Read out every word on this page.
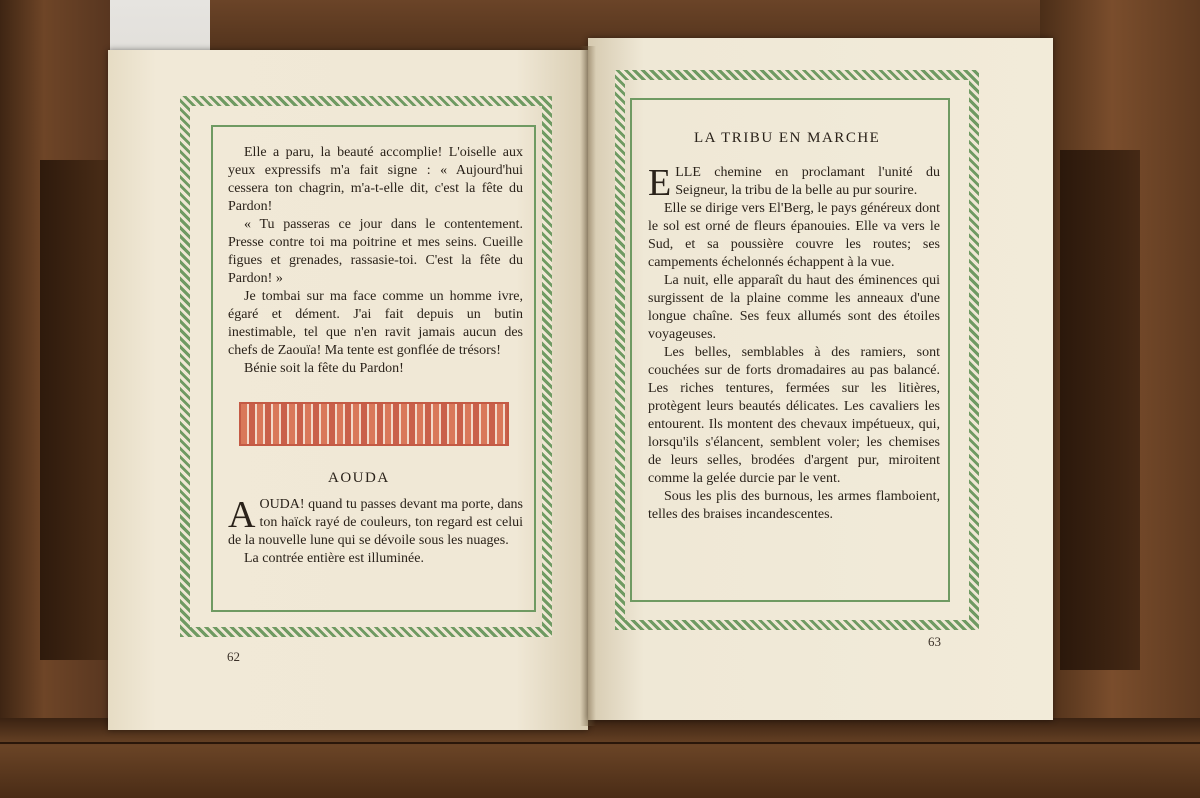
Elle a paru, la beauté accomplie! L'oiselle aux yeux expressifs m'a fait signe : « Aujourd'hui cessera ton chagrin, m'a-t-elle dit, c'est la fête du Pardon!

« Tu passeras ce jour dans le contentement. Presse contre toi ma poitrine et mes seins. Cueille figues et grenades, rassasie-toi. C'est la fête du Pardon! »

Je tombai sur ma face comme un homme ivre, égaré et dément. J'ai fait depuis un butin inestimable, tel que n'en ravit jamais aucun des chefs de Zaouïa! Ma tente est gonflée de trésors!

Bénie soit la fête du Pardon!

AOUDA

AOUDA! quand tu passes devant ma porte, dans ton haïck rayé de couleurs, ton regard est celui de la nouvelle lune qui se dévoile sous les nuages.

La contrée entière est illuminée.

62
LA TRIBU EN MARCHE

ELLE chemine en proclamant l'unité du Seigneur, la tribu de la belle au pur sourire.

Elle se dirige vers El'Berg, le pays généreux dont le sol est orné de fleurs épanouies. Elle va vers le Sud, et sa poussière couvre les routes; ses campements échelonnés échappent à la vue.

La nuit, elle apparaît du haut des éminences qui surgissent de la plaine comme les anneaux d'une longue chaîne. Ses feux allumés sont des étoiles voyageuses.

Les belles, semblables à des ramiers, sont couchées sur de forts dromadaires au pas balancé. Les riches tentures, fermées sur les litières, protègent leurs beautés délicates. Les cavaliers les entourent. Ils montent des chevaux impétueux, qui, lorsqu'ils s'élancent, semblent voler; les chemises de leurs selles, brodées d'argent pur, miroitent comme la gelée durcie par le vent.

Sous les plis des burnous, les armes flamboient, telles des braises incandescentes.

63
